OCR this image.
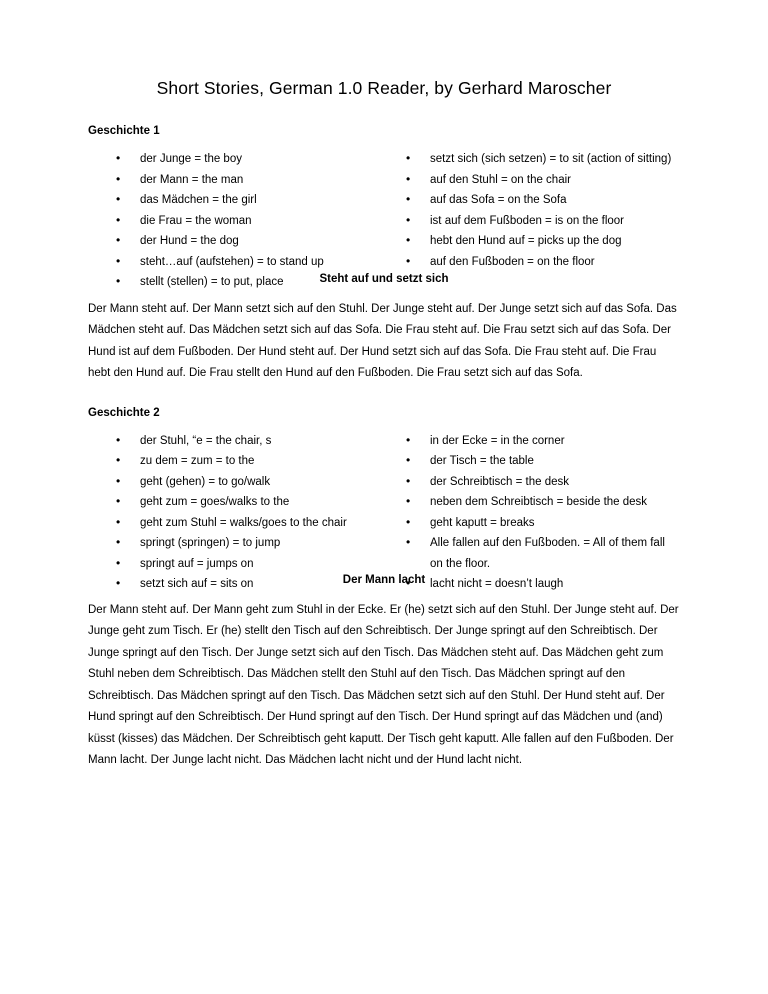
Short Stories, German 1.0 Reader, by Gerhard Maroscher
Geschichte 1
• der Junge = the boy
• der Mann = the man
• das Mädchen = the girl
• die Frau = the woman
• der Hund = the dog
• steht…auf (aufstehen) = to stand up
• stellt (stellen) = to put, place
• setzt sich (sich setzen) = to sit (action of sitting)
• auf den Stuhl = on the chair
• auf das Sofa = on the Sofa
• ist auf dem Fußboden = is on the floor
• hebt den Hund auf = picks up the dog
• auf den Fußboden = on the floor
Steht auf und setzt sich

Der Mann steht auf. Der Mann setzt sich auf den Stuhl. Der Junge steht auf. Der Junge setzt sich auf das Sofa. Das Mädchen steht auf. Das Mädchen setzt sich auf das Sofa. Die Frau steht auf. Die Frau setzt sich auf das Sofa. Der Hund ist auf dem Fußboden. Der Hund steht auf. Der Hund setzt sich auf das Sofa. Die Frau steht auf. Die Frau hebt den Hund auf. Die Frau stellt den Hund auf den Fußboden. Die Frau setzt sich auf das Sofa.

Geschichte 2
• der Stuhl, “e = the chair, s
• zu dem = zum = to the
• geht (gehen) = to go/walk
• geht zum = goes/walks to the
• geht zum Stuhl = walks/goes to the chair
• springt (springen) = to jump
• springt auf = jumps on
• setzt sich auf = sits on
• in der Ecke = in the corner
• der Tisch = the table
• der Schreibtisch = the desk
• neben dem Schreibtisch = beside the desk
• geht kaputt = breaks
• Alle fallen auf den Fußboden. = All of them fall on the floor.
• lacht nicht = doesn’t laugh
Der Mann lacht

Der Mann steht auf. Der Mann geht zum Stuhl in der Ecke. Er (he) setzt sich auf den Stuhl. Der Junge steht auf. Der Junge geht zum Tisch. Er (he) stellt den Tisch auf den Schreibtisch. Der Junge springt auf den Schreibtisch. Der Junge springt auf den Tisch. Der Junge setzt sich auf den Tisch. Das Mädchen steht auf. Das Mädchen geht zum Stuhl neben dem Schreibtisch. Das Mädchen stellt den Stuhl auf den Tisch. Das Mädchen springt auf den Schreibtisch. Das Mädchen springt auf den Tisch. Das Mädchen setzt sich auf den Stuhl. Der Hund steht auf. Der Hund springt auf den Schreibtisch. Der Hund springt auf den Tisch. Der Hund springt auf das Mädchen und (and) küsst (kisses) das Mädchen. Der Schreibtisch geht kaputt. Der Tisch geht kaputt. Alle fallen auf den Fußboden. Der Mann lacht. Der Junge lacht nicht. Das Mädchen lacht nicht und der Hund lacht nicht.
